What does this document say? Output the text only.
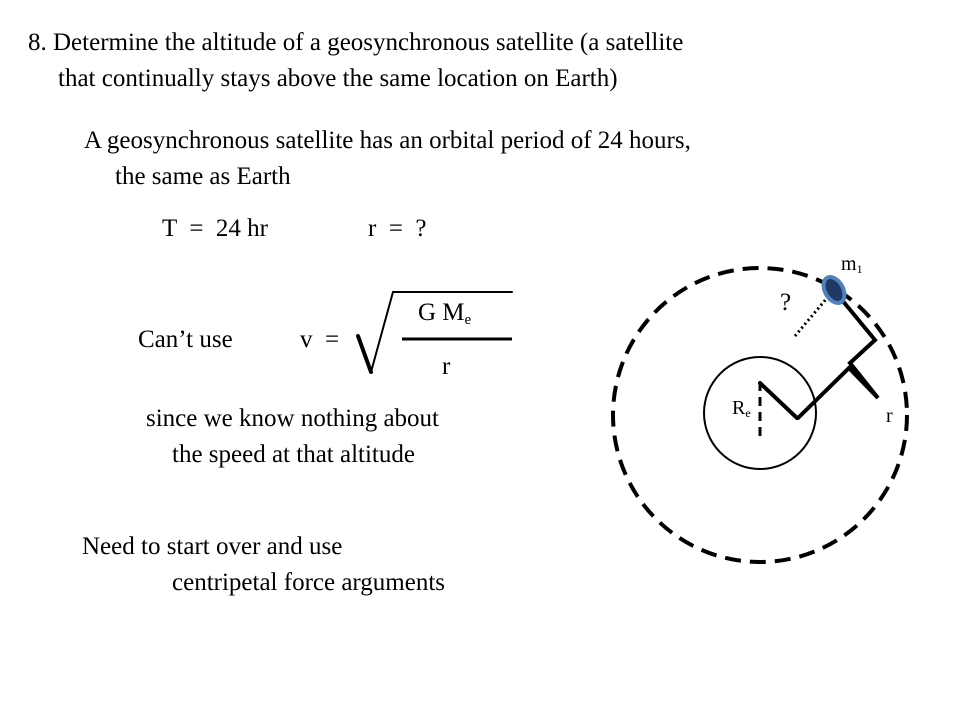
8. Determine the altitude of a geosynchronous satellite (a satellite
that continually stays above the same location on Earth)
A geosynchronous satellite has an orbital period of 24 hours,
the same as Earth
T  =  24 hr	r  =  ?
Can’t use	v  =
G $M_e$
r
since we know nothing about
the speed at that altitude
Need to start over and use
centripetal force arguments
$m_1$
?
$R_e$	r
